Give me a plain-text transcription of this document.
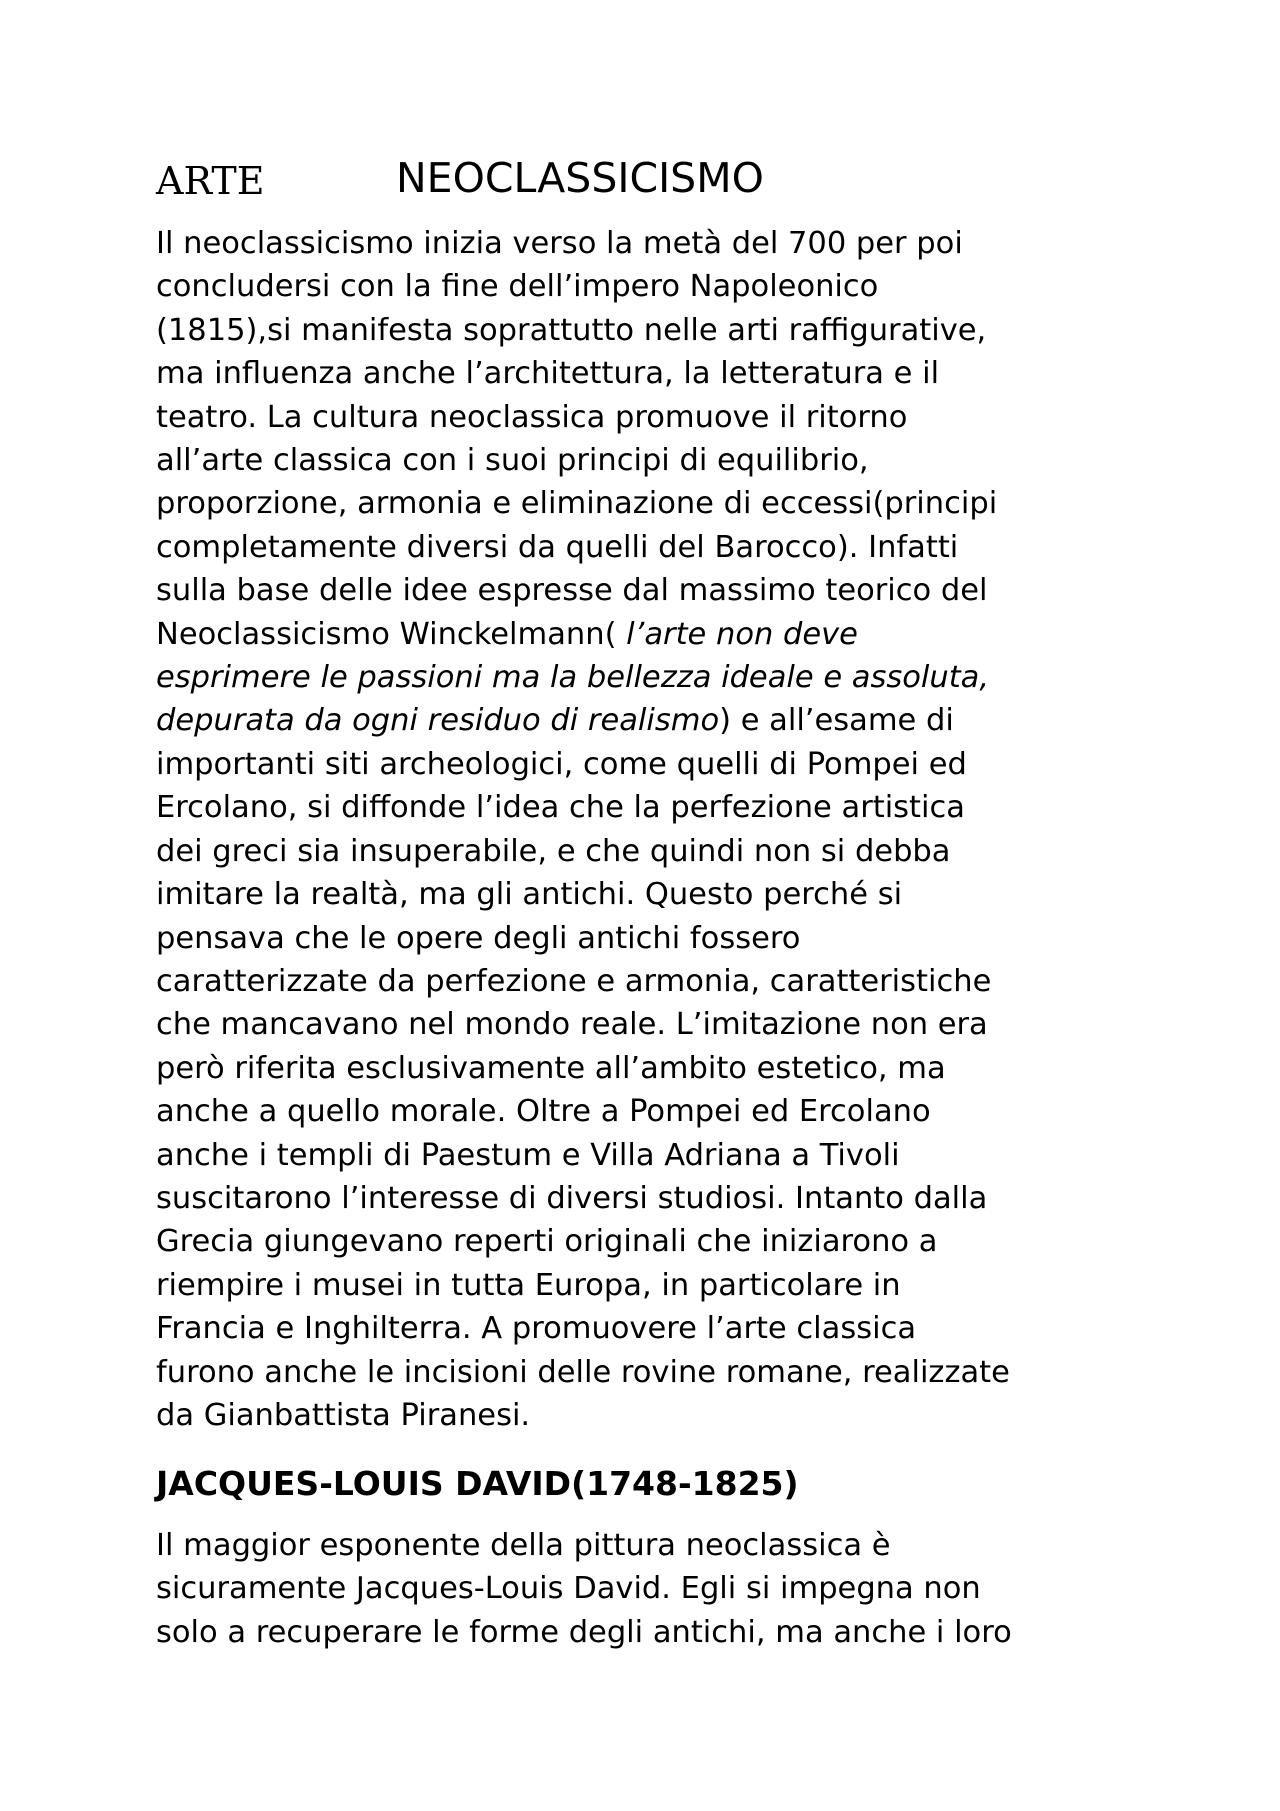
ARTE	NEOCLASSICISMO

Il neoclassicismo inizia verso la metà del 700 per poi
concludersi con la fine dell’impero Napoleonico
(1815),si manifesta soprattutto nelle arti raffigurative,
ma influenza anche l’architettura, la letteratura e il
teatro. La cultura neoclassica promuove il ritorno
all’arte classica con i suoi principi di equilibrio,
proporzione, armonia e eliminazione di eccessi(principi
completamente diversi da quelli del Barocco). Infatti
sulla base delle idee espresse dal massimo teorico del
Neoclassicismo Winckelmann( l’arte non deve
esprimere le passioni ma la bellezza ideale e assoluta,
depurata da ogni residuo di realismo) e all’esame di
importanti siti archeologici, come quelli di Pompei ed
Ercolano, si diffonde l’idea che la perfezione artistica
dei greci sia insuperabile, e che quindi non si debba
imitare la realtà, ma gli antichi. Questo perché si
pensava che le opere degli antichi fossero
caratterizzate da perfezione e armonia, caratteristiche
che mancavano nel mondo reale. L’imitazione non era
però riferita esclusivamente all’ambito estetico, ma
anche a quello morale. Oltre a Pompei ed Ercolano
anche i templi di Paestum e Villa Adriana a Tivoli
suscitarono l’interesse di diversi studiosi. Intanto dalla
Grecia giungevano reperti originali che iniziarono a
riempire i musei in tutta Europa, in particolare in
Francia e Inghilterra. A promuovere l’arte classica
furono anche le incisioni delle rovine romane, realizzate
da Gianbattista Piranesi.

JACQUES-LOUIS DAVID(1748-1825)

Il maggior esponente della pittura neoclassica è
sicuramente Jacques-Louis David. Egli si impegna non
solo a recuperare le forme degli antichi, ma anche i loro
